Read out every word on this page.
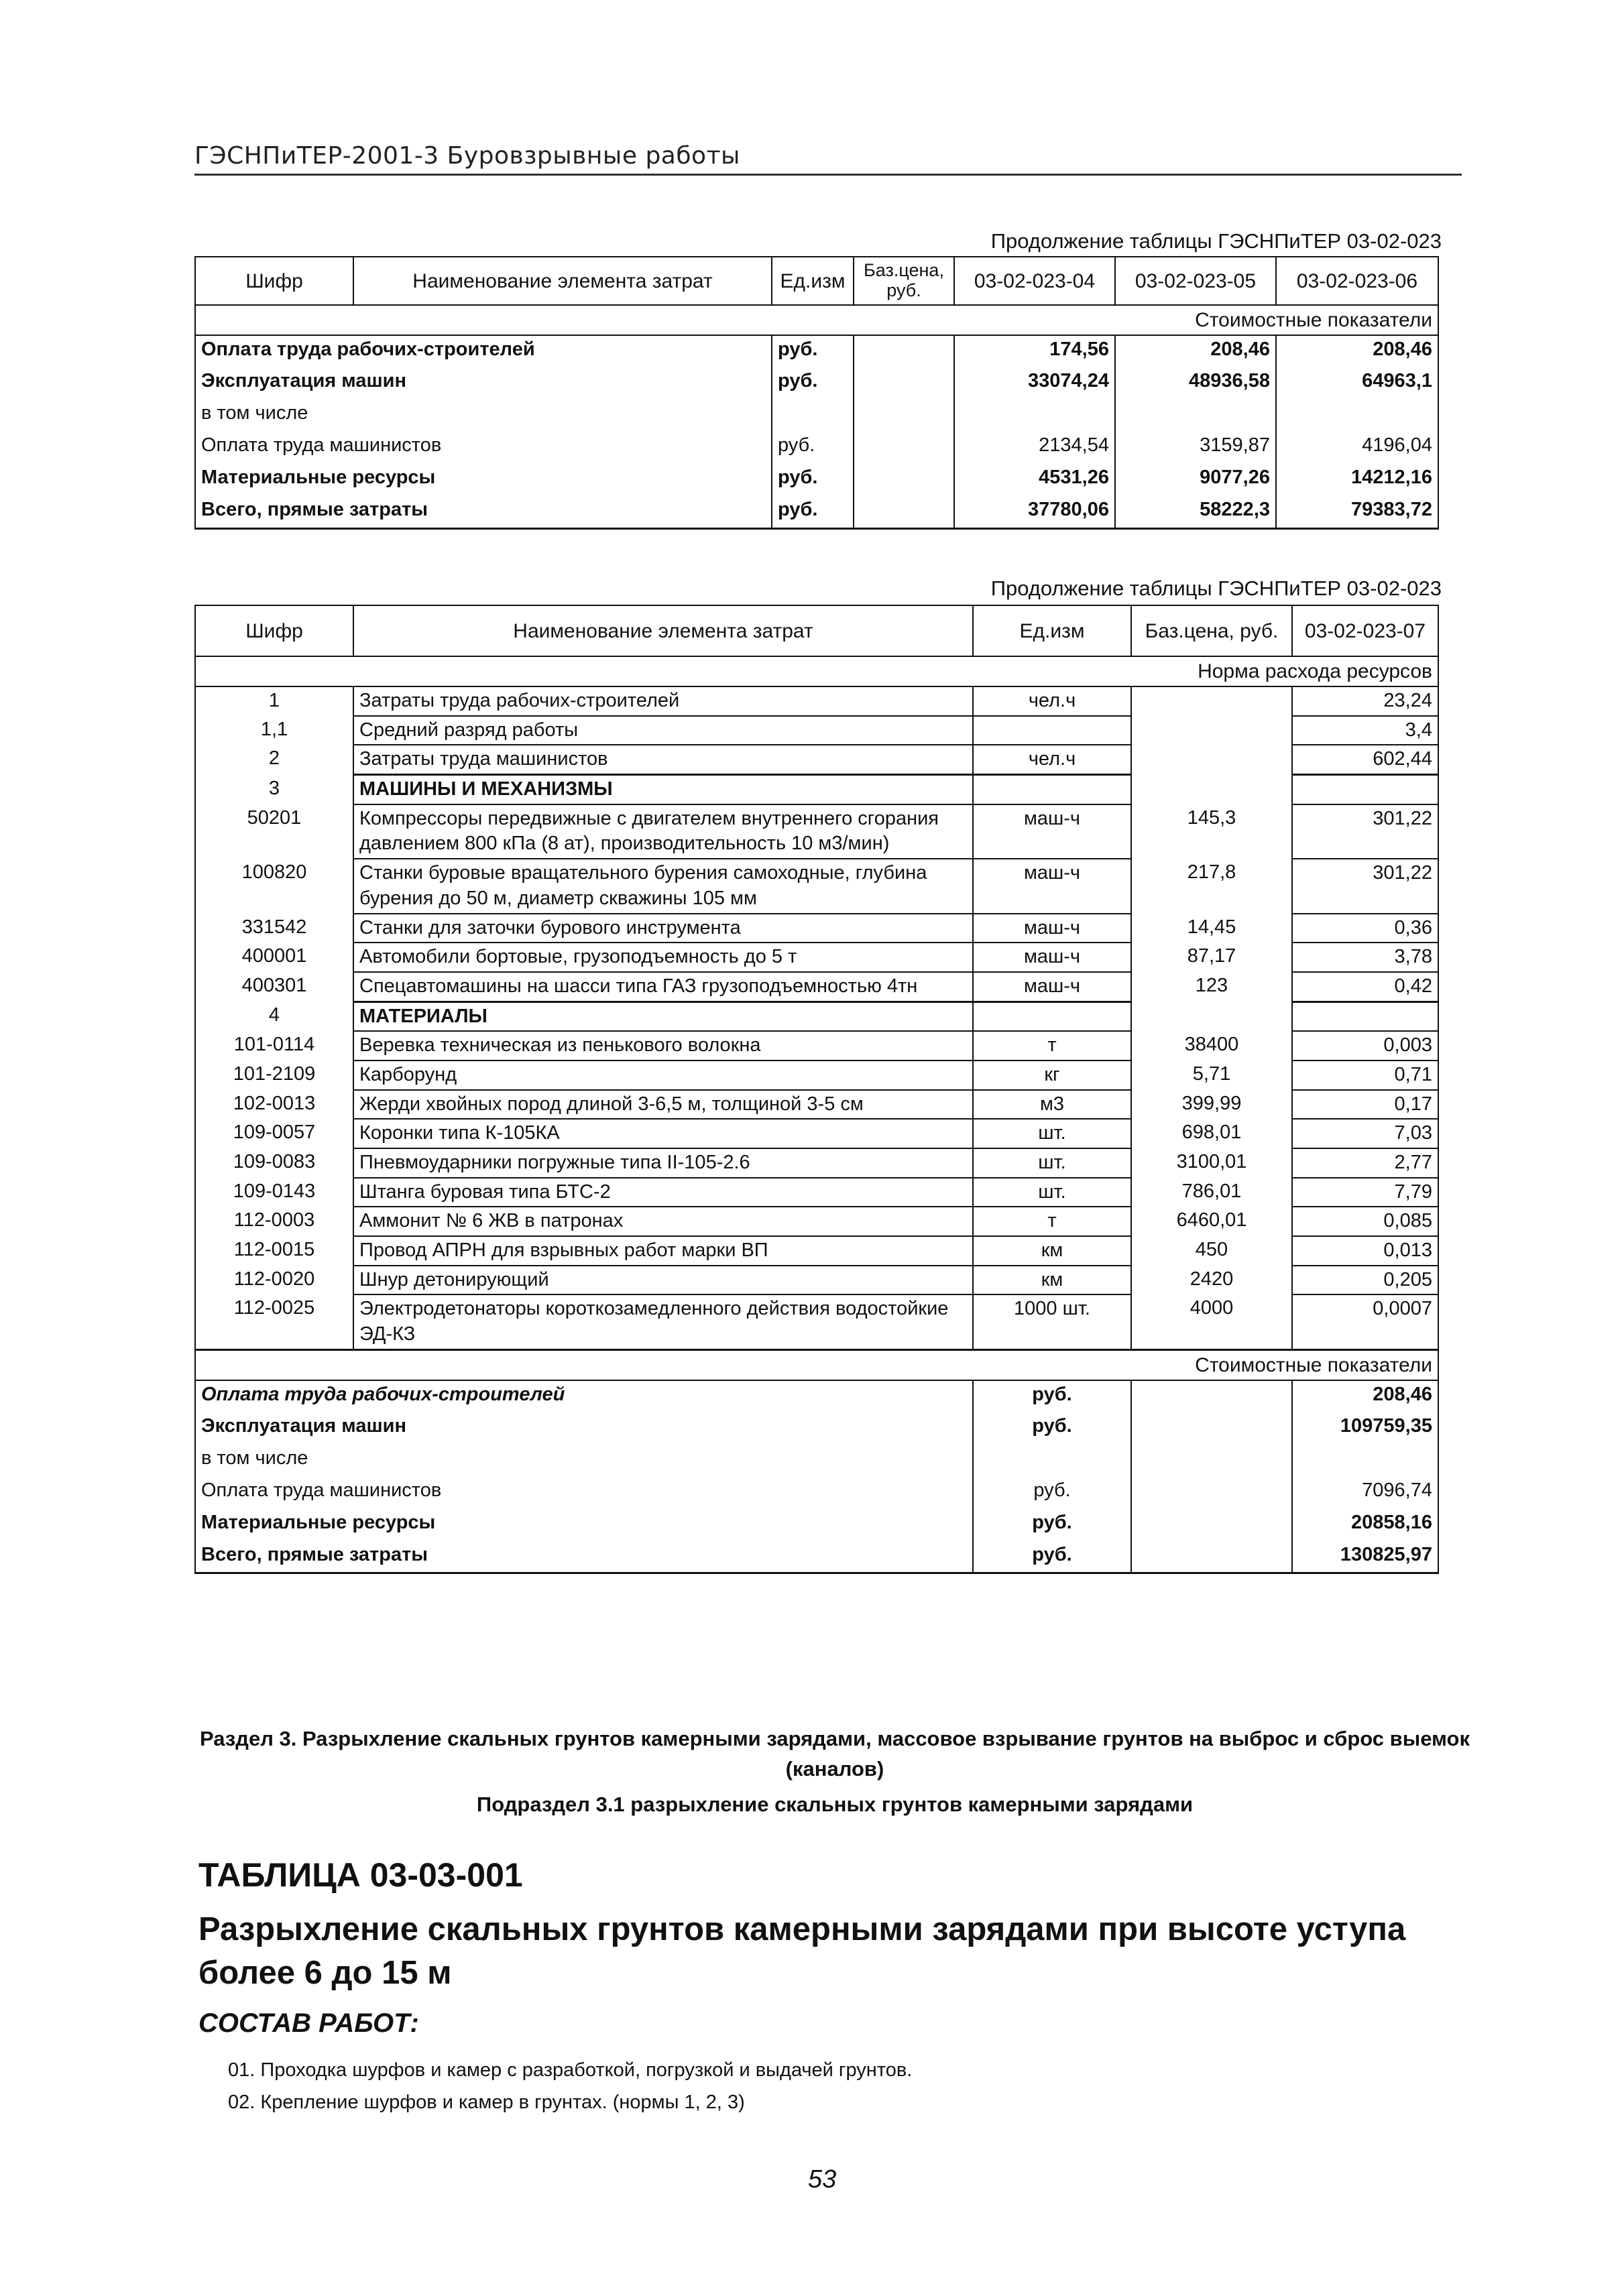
ГЭСНПиТЕР-2001-3 Буровзрывные работы
Продолжение таблицы ГЭСНПиТЕР 03-02-023
Шифр	Наименование элемента затрат	Ед.изм	Баз.цена, руб.	03-02-023-04	03-02-023-05	03-02-023-06
Стоимостные показатели						
Оплата труда рабочих-строителей		руб.		174,56	208,46	208,46
Эксплуатация машин		руб.		33074,24	48936,58	64963,1
в том числе						
Оплата труда машинистов		руб.		2134,54	3159,87	4196,04
Материальные ресурсы		руб.		4531,26	9077,26	14212,16
Всего, прямые затраты		руб.		37780,06	58222,3	79383,72
Продолжение таблицы ГЭСНПиТЕР 03-02-023
Шифр	Наименование элемента затрат	Ед.изм	Баз.цена, руб.	03-02-023-07
Норма расхода ресурсов				
1	Затраты труда рабочих-строителей	чел.ч		23,24
1,1	Средний разряд работы			3,4
2	Затраты труда машинистов	чел.ч		602,44
3	МАШИНЫ И МЕХАНИЗМЫ			
50201	Компрессоры передвижные с двигателем внутреннего сгорания давлением 800 кПа (8 ат), производительность 10 м3/мин)	маш-ч	145,3	301,22
100820	Станки буровые вращательного бурения самоходные, глубина бурения до 50 м, диаметр скважины 105 мм	маш-ч	217,8	301,22
331542	Станки для заточки бурового инструмента	маш-ч	14,45	0,36
400001	Автомобили бортовые, грузоподъемность до 5 т	маш-ч	87,17	3,78
400301	Спецавтомашины на шасси типа ГАЗ грузоподъемностью 4тн	маш-ч	123	0,42
4	МАТЕРИАЛЫ			
101-0114	Веревка техническая из пенькового волокна	т	38400	0,003
101-2109	Карборунд	кг	5,71	0,71
102-0013	Жерди хвойных пород длиной 3-6,5 м, толщиной 3-5 см	м3	399,99	0,17
109-0057	Коронки типа К-105КА	шт.	698,01	7,03
109-0083	Пневмоударники погружные типа II-105-2.6	шт.	3100,01	2,77
109-0143	Штанга буровая типа БТС-2	шт.	786,01	7,79
112-0003	Аммонит № 6 ЖВ в патронах	т	6460,01	0,085
112-0015	Провод АПРН для взрывных работ марки ВП	км	450	0,013
112-0020	Шнур детонирующий	км	2420	0,205
112-0025	Электродетонаторы короткозамедленного действия водостойкие ЭД-КЗ	1000 шт.	4000	0,0007
Стоимостные показатели				
Оплата труда рабочих-строителей		руб.		208,46
Эксплуатация машин		руб.		109759,35
в том числе				
Оплата труда машинистов		руб.		7096,74
Материальные ресурсы		руб.		20858,16
Всего, прямые затраты		руб.		130825,97
Раздел 3. Разрыхление скальных грунтов камерными зарядами, массовое взрывание грунтов на выброс и сброс выемок (каналов)
Подраздел 3.1 разрыхление скальных грунтов камерными зарядами
ТАБЛИЦА 03-03-001
Разрыхление скальных грунтов камерными зарядами при высоте уступа более 6 до 15 м
СОСТАВ РАБОТ:
01. Проходка шурфов и камер с разработкой, погрузкой и выдачей грунтов.
02. Крепление шурфов и камер в грунтах. (нормы 1, 2, 3)
53
